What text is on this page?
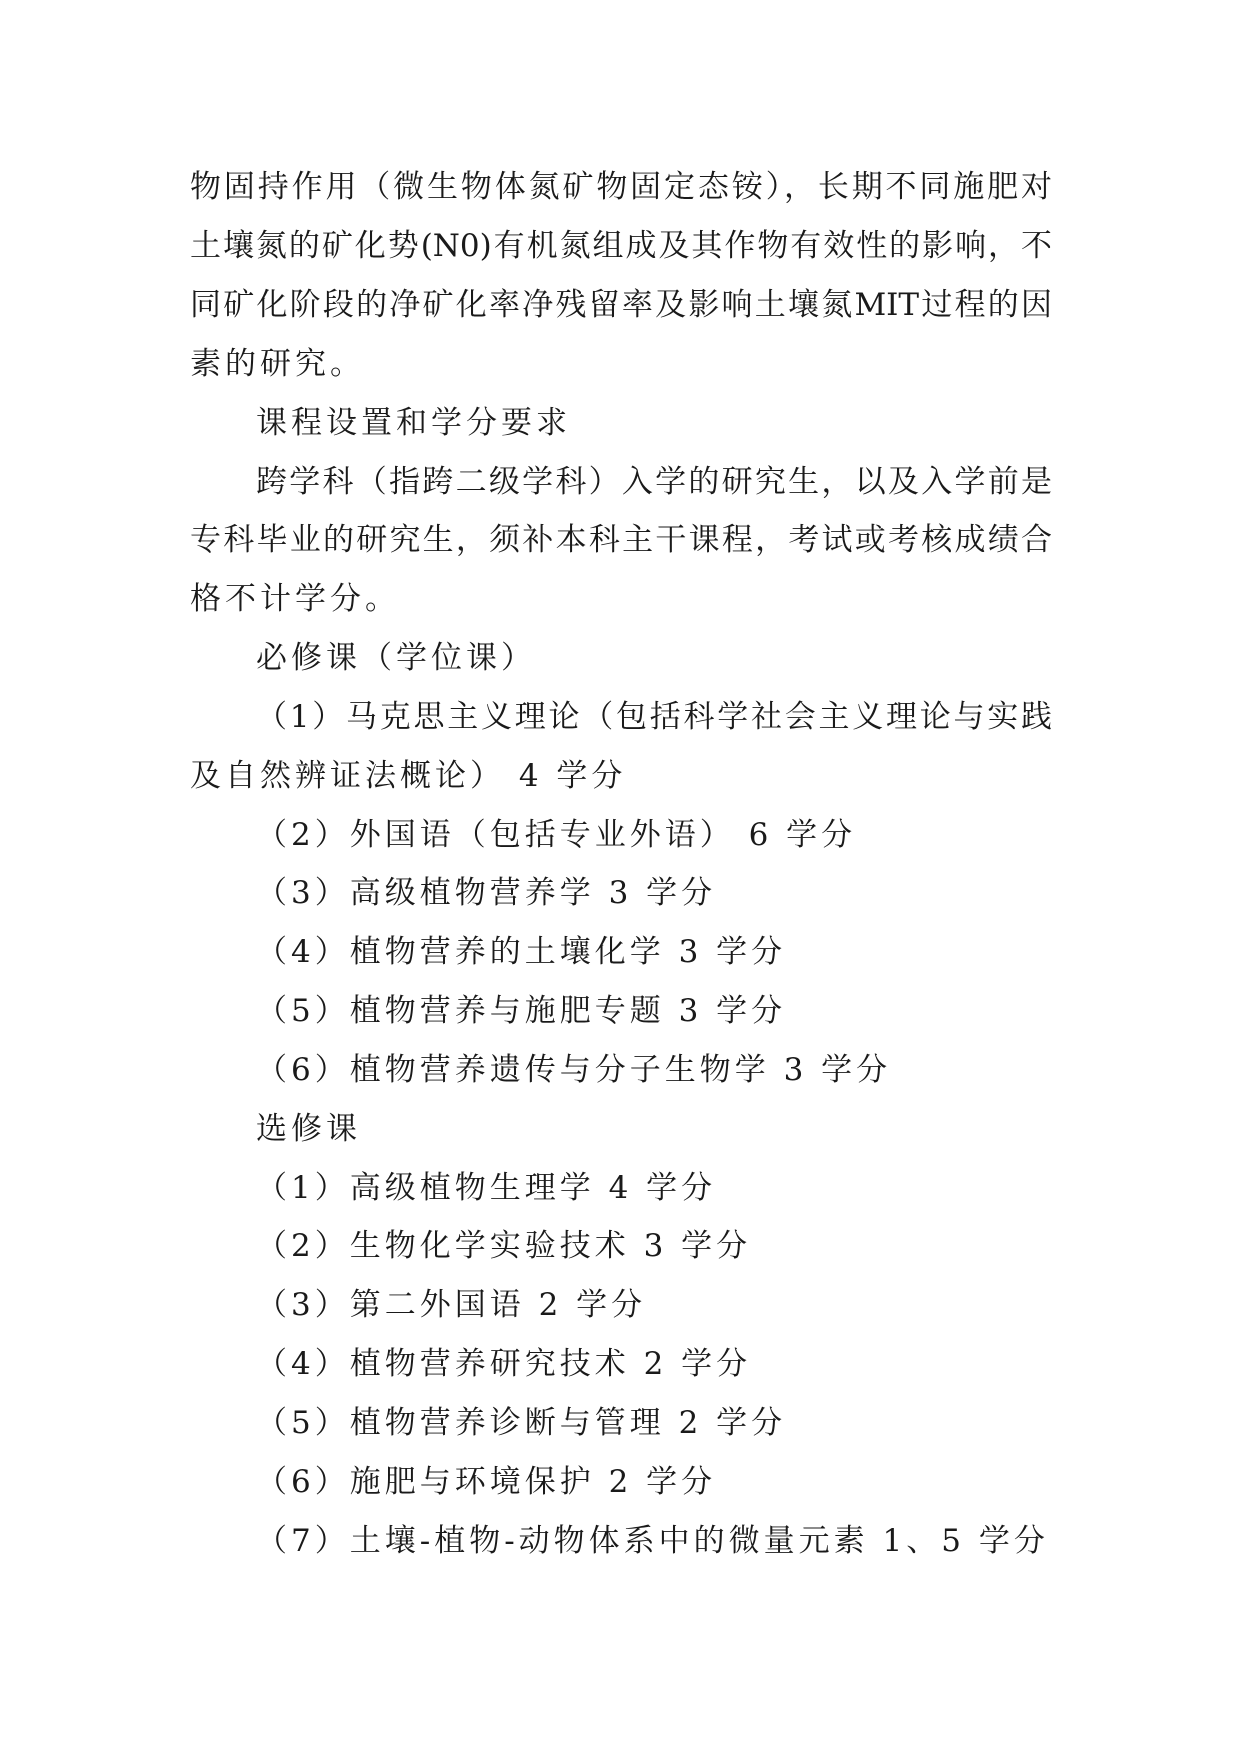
物固持作用（微生物体氮矿物固定态铵），长期不同施肥对
土壤氮的矿化势(N0)有机氮组成及其作物有效性的影响，不
同矿化阶段的净矿化率净残留率及影响土壤氮MIT过程的因
素的研究。
课程设置和学分要求
跨学科（指跨二级学科）入学的研究生，以及入学前是
专科毕业的研究生，须补本科主干课程，考试或考核成绩合
格不计学分。
必修课（学位课）
（1）马克思主义理论（包括科学社会主义理论与实践
及自然辨证法概论） 4 学分
（2）外国语（包括专业外语） 6 学分
（3）高级植物营养学 3 学分
（4）植物营养的土壤化学 3 学分
（5）植物营养与施肥专题 3 学分
（6）植物营养遗传与分子生物学 3 学分
选修课
（1）高级植物生理学 4 学分
（2）生物化学实验技术 3 学分
（3）第二外国语 2 学分
（4）植物营养研究技术 2 学分
（5）植物营养诊断与管理 2 学分
（6）施肥与环境保护 2 学分
（7）土壤-植物-动物体系中的微量元素 1、5 学分
